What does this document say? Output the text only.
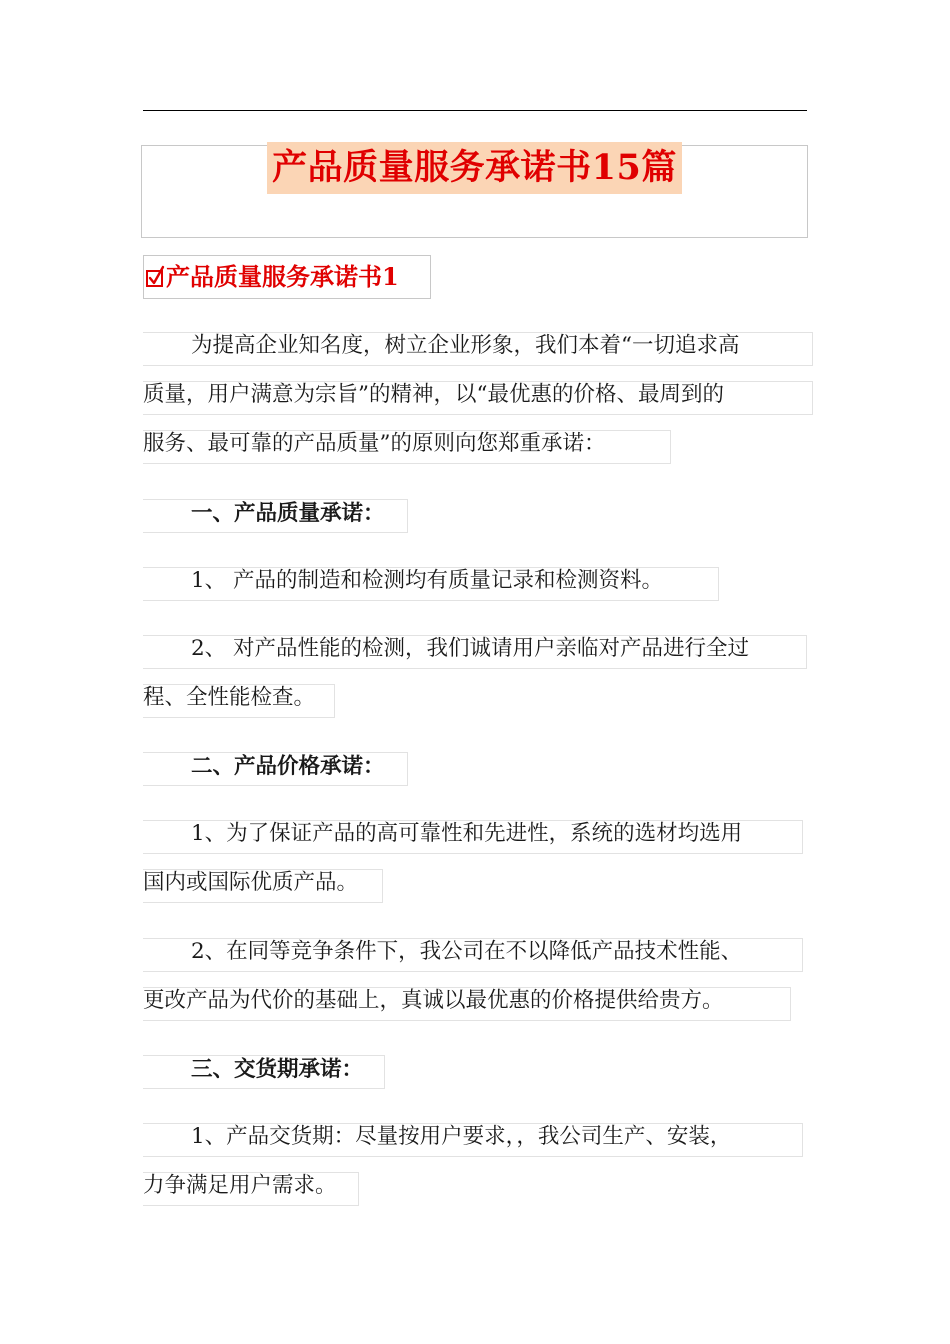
产品质量服务承诺书15篇
产品质量服务承诺书1
为提高企业知名度，树立企业形象，我们本着“一切追求高
质量，用户满意为宗旨”的精神，以“最优惠的价格、最周到的
服务、最可靠的产品质量”的原则向您郑重承诺：
一、产品质量承诺：
1、 产品的制造和检测均有质量记录和检测资料。
2、 对产品性能的检测，我们诚请用户亲临对产品进行全过
程、全性能检查。
二、产品价格承诺：
1、为了保证产品的高可靠性和先进性，系统的选材均选用
国内或国际优质产品。
2、在同等竞争条件下，我公司在不以降低产品技术性能、
更改产品为代价的基础上，真诚以最优惠的价格提供给贵方。
三、交货期承诺：
1、产品交货期：尽量按用户要求，，我公司生产、安装，
力争满足用户需求。
